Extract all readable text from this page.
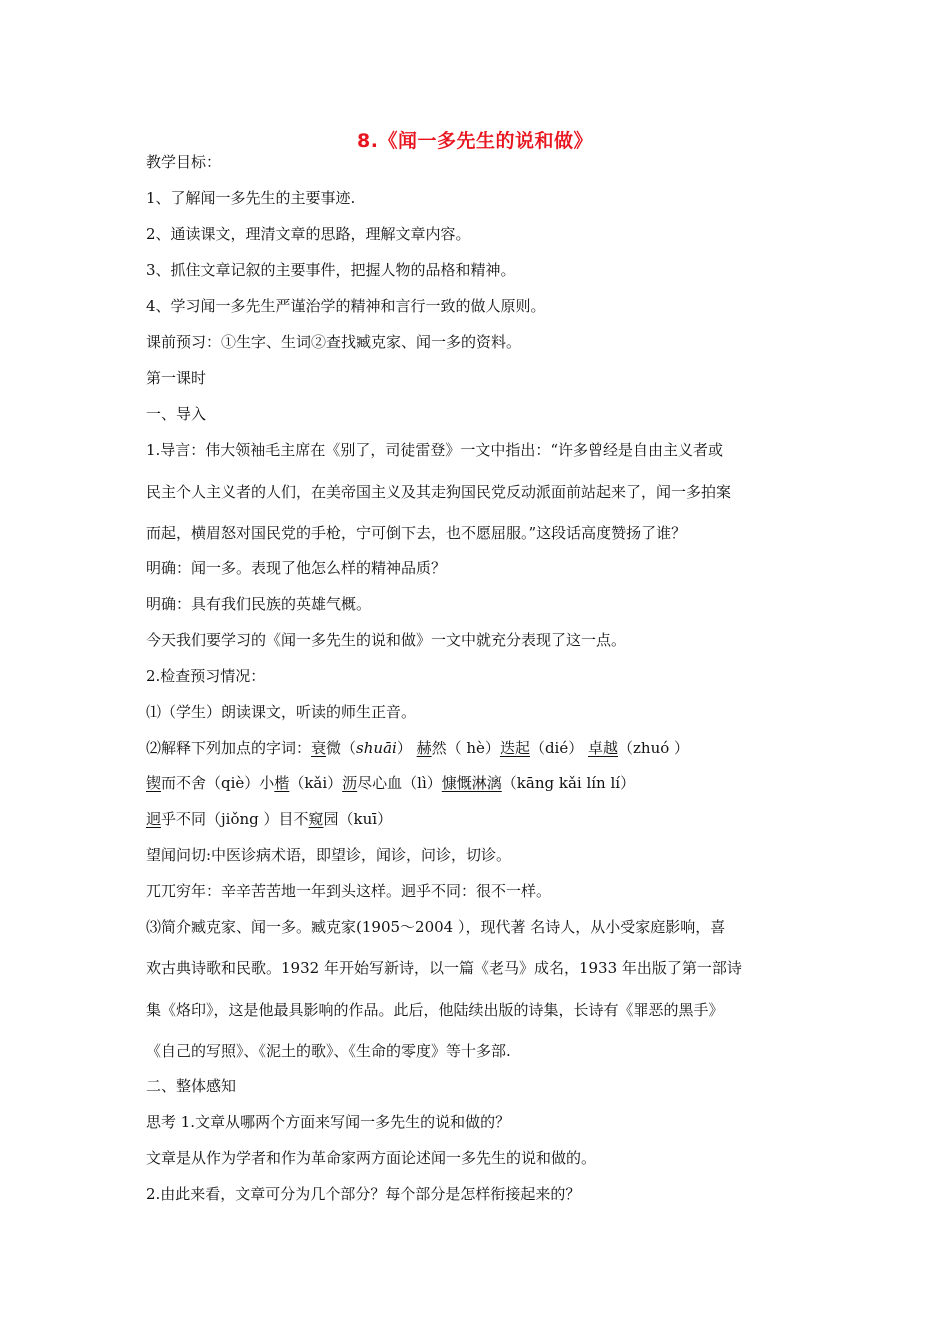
8.《闻一多先生的说和做》
教学目标：
1、了解闻一多先生的主要事迹.
2、通读课文，理清文章的思路，理解文章内容。
3、抓住文章记叙的主要事件，把握人物的品格和精神。
4、学习闻一多先生严谨治学的精神和言行一致的做人原则。
课前预习：①生字、生词②查找臧克家、闻一多的资料。
第一课时
一、导入
1.导言：伟大领袖毛主席在《别了，司徒雷登》一文中指出：“许多曾经是自由主义者或
民主个人主义者的人们，在美帝国主义及其走狗国民党反动派面前站起来了，闻一多拍案
而起，横眉怒对国民党的手枪，宁可倒下去，也不愿屈服。”这段话高度赞扬了谁？
明确：闻一多。表现了他怎么样的精神品质？
明确：具有我们民族的英雄气概。
今天我们要学习的《闻一多先生的说和做》一文中就充分表现了这一点。
2.检查预习情况：
⑴（学生）朗读课文，听读的师生正音。
⑵解释下列加点的字词：衰微（shuāi） 赫然（ hè）迭起（dié） 卓越（zhuó ）
锲而不舍（qiè）小楷（kǎi）沥尽心血（lì）慷慨淋漓（kāng kǎi lín lí）
迥乎不同（jiǒng ）目不窥园（kuī）
望闻问切:中医诊病术语，即望诊，闻诊，问诊，切诊。
兀兀穷年：辛辛苦苦地一年到头这样。迥乎不同：很不一样。
⑶简介臧克家、闻一多。臧克家(1905～2004 ），现代著 名诗人，从小受家庭影响，喜
欢古典诗歌和民歌。1932 年开始写新诗，以一篇《老马》成名，1933 年出版了第一部诗
集《烙印》，这是他最具影响的作品。此后，他陆续出版的诗集，长诗有《罪恶的黑手》
《自己的写照》、《泥土的歌》、《生命的零度》等十多部.
二、整体感知
思考 1.文章从哪两个方面来写闻一多先生的说和做的？
文章是从作为学者和作为革命家两方面论述闻一多先生的说和做的。
2.由此来看，文章可分为几个部分？每个部分是怎样衔接起来的？
